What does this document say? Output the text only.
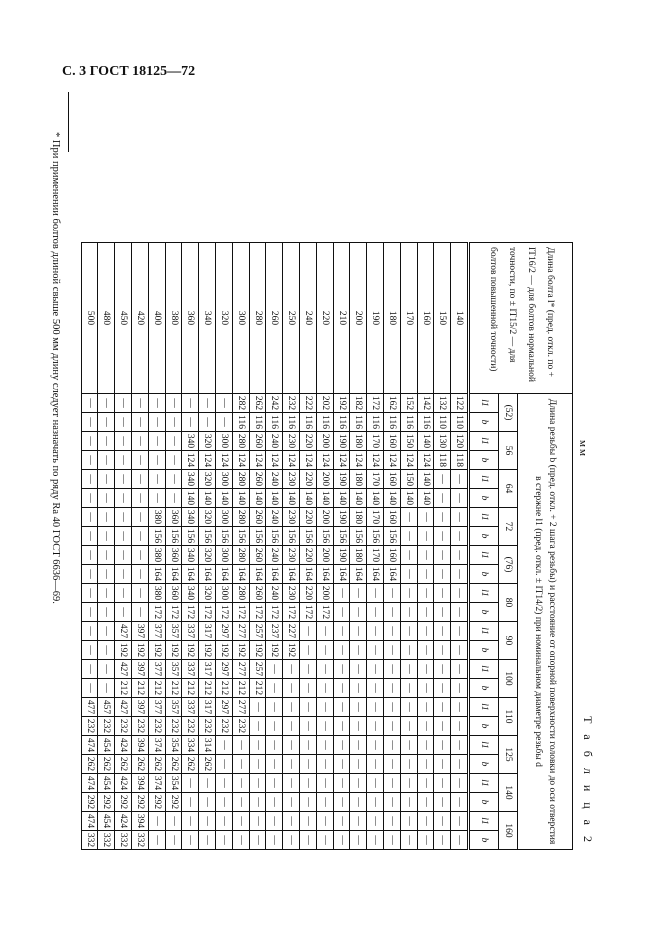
С. 3 ГОСТ 18125—72
Т а б л и ц а 2
мм
Длина болта l* (пред. откл. по + IT16/2 — для болтов нормальной точности, по ± IT15/2 — для болтов повышенной точности)	Длина резьбы b (пред. откл. + 2 шага резьбы) и расстояние от опорной поверхности головки до оси отверстия в стержне l1 (пред. откл. ± IT14/2) при номинальном диаметре резьбы d																							
	(52)		56		64		72		(76)		80		90		100		110		125		140		160	
	l1	b	l1	b	l1	b	l1	b	l1	b	l1	b	l1	b	l1	b	l1	b	l1	b	l1	b	l1	b
140	122	110	120	118	—	—	—	—	—	—	—	—	—	—	—	—	—	—	—	—	—	—	—	—
150	132	110	130	118	—	—	—	—	—	—	—	—	—	—	—	—	—	—	—	—	—	—	—	—
160	142	116	140	124	140	140	—	—	—	—	—	—	—	—	—	—	—	—	—	—	—	—	—	—
170	152	116	150	124	150	140	—	—	—	—	—	—	—	—	—	—	—	—	—	—	—	—	—	—
180	162	116	160	124	160	140	160	156	160	164	—	—	—	—	—	—	—	—	—	—	—	—	—	—
190	172	116	170	124	170	140	170	156	170	164	—	—	—	—	—	—	—	—	—	—	—	—	—	—
200	182	116	180	124	180	140	180	156	180	164	—	—	—	—	—	—	—	—	—	—	—	—	—	—
210	192	116	190	124	190	140	190	156	190	164	—	—	—	—	—	—	—	—	—	—	—	—	—	—
220	202	116	200	124	200	140	200	156	200	164	200	172	—	—	—	—	—	—	—	—	—	—	—	—
240	222	116	220	124	220	140	220	156	220	164	220	172	—	—	—	—	—	—	—	—	—	—	—	—
250	232	116	230	124	230	140	230	156	230	164	230	172	227	192	—	—	—	—	—	—	—	—	—	—
260	242	116	240	124	240	140	240	156	240	164	240	172	237	192	—	—	—	—	—	—	—	—	—	—
280	262	116	260	124	260	140	260	156	260	164	260	172	257	192	257	212	—	—	—	—	—	—	—	—
300	282	116	280	124	280	140	280	156	280	164	280	172	277	192	277	212	277	232	—	—	—	—	—	—
320	—	—	300	124	300	140	300	156	300	164	300	172	297	192	297	212	297	232	—	—	—	—	—	—
340	—	—	320	124	320	140	320	156	320	164	320	172	317	192	317	212	317	232	314	262	—	—	—	—
360	—	—	340	124	340	140	340	156	340	164	340	172	337	192	337	212	337	232	334	262	—	—	—	—
380	—	—	—	—	—	—	360	156	360	164	360	172	357	192	357	212	357	232	354	262	354	292	—	—
400	—	—	—	—	—	—	380	156	380	164	380	172	377	192	377	212	377	232	374	262	374	292	—	—
420	—	—	—	—	—	—	—	—	—	—	—	—	397	192	397	212	397	232	394	262	394	292	394	332
450	—	—	—	—	—	—	—	—	—	—	—	—	427	192	427	212	427	232	424	262	424	292	424	332
480	—	—	—	—	—	—	—	—	—	—	—	—	—	—	—	—	457	232	454	262	454	292	454	332
500	—	—	—	—	—	—	—	—	—	—	—	—	—	—	—	—	477	232	474	262	474	292	474	332
* При применении болтов длиной свыше 500 мм длину следует назначать по ряду Ra 40 ГОСТ 6636—69.
